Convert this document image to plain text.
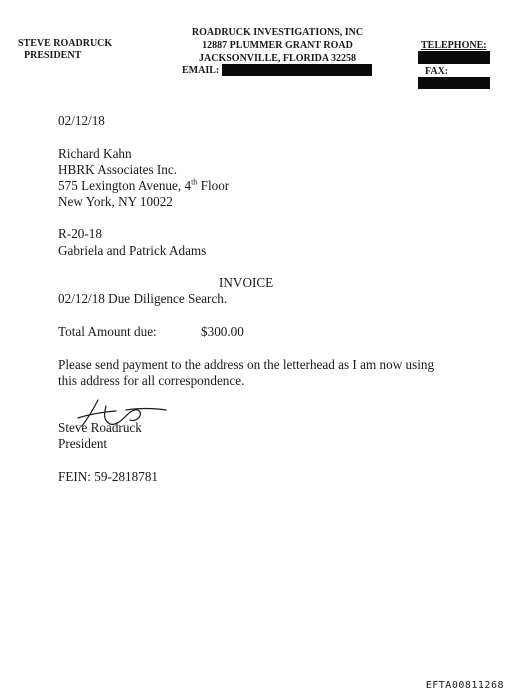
STEVE ROADRUCK
PRESIDENT
ROADRUCK INVESTIGATIONS, INC
12887 PLUMMER GRANT ROAD
JACKSONVILLE, FLORIDA 32258
EMAIL:
TELEPHONE:
FAX:
02/12/18
Richard Kahn
HBRK Associates Inc.
575 Lexington Avenue, 4th Floor
New York, NY 10022
R-20-18
Gabriela and Patrick Adams
INVOICE
02/12/18 Due Diligence Search.
Total Amount due:	$300.00
Please send payment to the address on the letterhead as I am now using
this address for all correspondence.
Steve Roadruck
President
FEIN: 59-2818781
EFTA00811268
